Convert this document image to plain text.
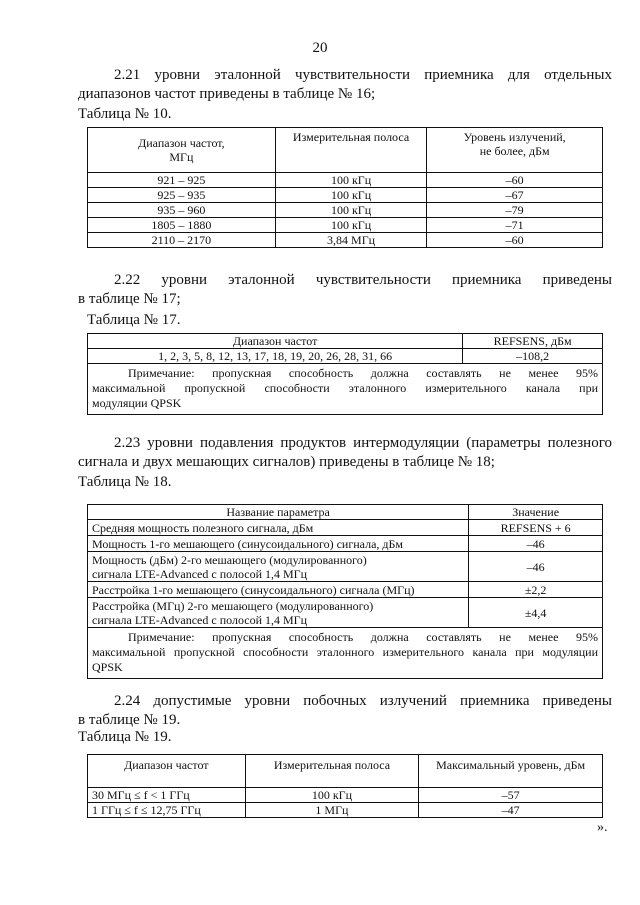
20
2.21 уровни эталонной чувствительности приемника для отдельных
диапазонов частот приведены в таблице № 16;
Таблица № 10.
Диапазон частот, МГц	Измерительная полоса	Уровень излучений, не более, дБм
921 – 925	100 кГц	–60
925 – 935	100 кГц	–67
935 – 960	100 кГц	–79
1805 – 1880	100 кГц	–71
2110 – 2170	3,84 МГц	–60
2.22 уровни эталонной чувствительности приемника приведены
в таблице № 17;
Таблица № 17.
Диапазон частот	REFSENS, дБм
1, 2, 3, 5, 8, 12, 13, 17, 18, 19, 20, 26, 28, 31, 66	–108,2

Примечание: пропускная способность должна составлять не менее 95%
максимальной пропускной способности эталонного измерительного канала при
модуляции QPSK	
2.23 уровни подавления продуктов интермодуляции (параметры полезного
сигнала и двух мешающих сигналов) приведены в таблице № 18;
Таблица № 18.
Название параметра	Значение
Средняя мощность полезного сигнала, дБм	REFSENS + 6
Мощность 1-го мешающего (синусоидального) сигнала, дБм	–46
Мощность (дБм) 2-го мешающего (модулированного) сигнала LTE-Advanced с полосой 1,4 МГц	–46
Расстройка 1-го мешающего (синусоидального) сигнала (МГц)	±2,2
Расстройка (МГц) 2-го мешающего (модулированного) сигнала LTE-Advanced с полосой 1,4 МГц	±4,4

Примечание: пропускная способность должна составлять не менее 95%
максимальной пропускной способности эталонного измерительного канала при модуляции
QPSK	
2.24 допустимые уровни побочных излучений приемника приведены
в таблице № 19.
Таблица № 19.
Диапазон частот	Измерительная полоса	Максимальный уровень, дБм
30 МГц ≤ f < 1 ГГц	100 кГц	–57
1 ГГц ≤ f ≤ 12,75 ГГц	1 МГц	–47
».
